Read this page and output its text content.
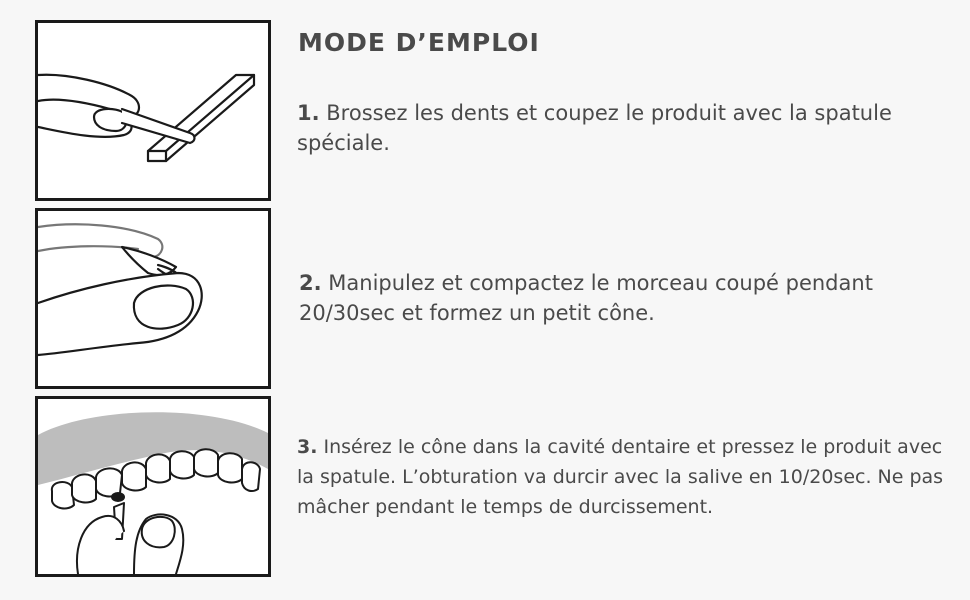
MODE D’EMPLOI

1. Brossez les dents et coupez le produit avec la spatule spéciale.

2. Manipulez et compactez le morceau coupé pendant 20/30sec et formez un petit cône.

3. Insérez le cône dans la cavité dentaire et pressez le produit avec la spatule. L’obturation va durcir avec la salive en 10/20sec. Ne pas mâcher pendant le temps de durcissement.
